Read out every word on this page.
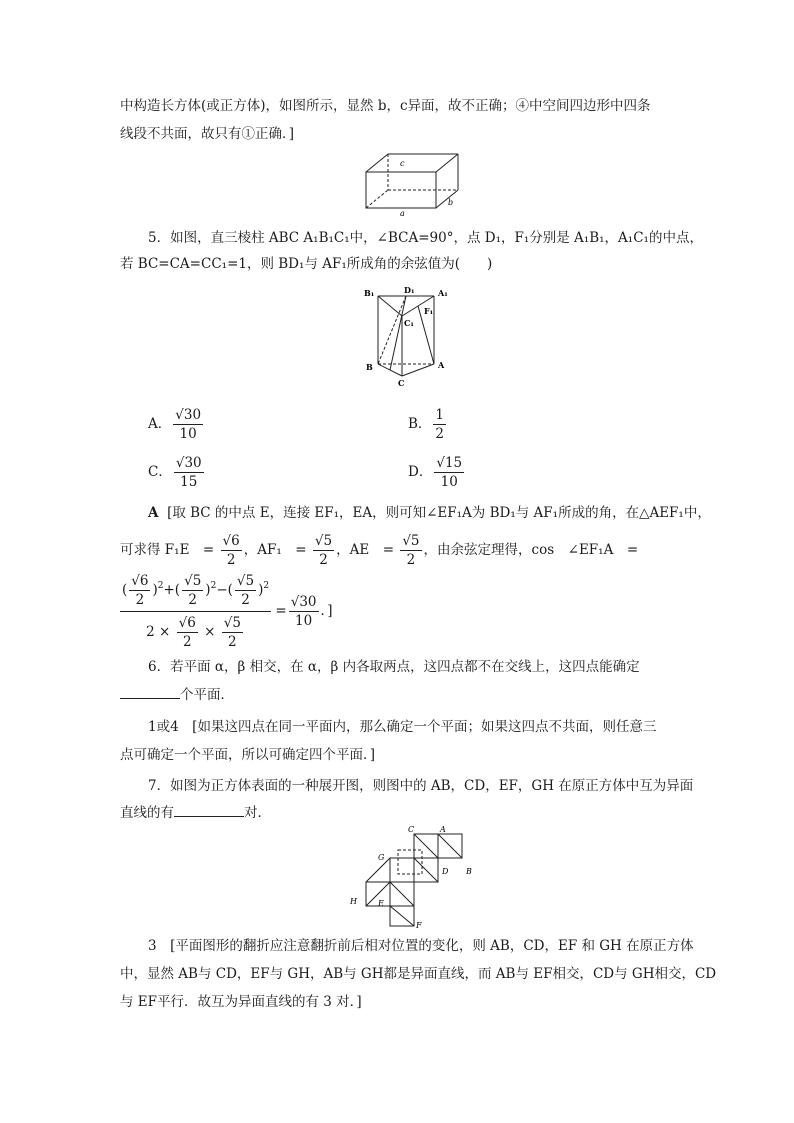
中构造长方体(或正方体)，如图所示，显然 b，c异面，故不正确；④中空间四边形中四条
线段不共面，故只有①正确．]
c
a
b
5．如图，直三棱柱 ABC A₁B₁C₁中，∠BCA=90°，点 D₁，F₁分别是 A₁B₁，A₁C₁的中点，
若 BC=CA=CC₁=1，则 BD₁与 AF₁所成角的余弦值为(　　)
B₁	D₁	A₁
C₁
F₁
B	A
C
A． $\frac{√30}{10}$	B． $\frac{1}{2}$
C． $\frac{√30}{15}$	D． $\frac{√15}{10}$
A [取 BC 的中点 E，连接 EF₁，EA，则可知∠EF₁A为 BD₁与 AF₁所成的角，在△AEF₁中，
可求得 F₁E　= $\frac{√6}{2}$ ，AF₁　= $\frac{√5}{2}$ ，AE　= $\frac{√5}{2}$ ，由余弦定理得，cos　∠EF₁A　=
$\frac{( \frac{√6}{2} )^2+( \frac{√5}{2} )^2-( \frac{√5}{2} )^2}{2 \times \frac{√6}{2} \times \frac{√5}{2}} = \frac{√30}{10}$ ．]
6．若平面 α，β 相交，在 α，β 内各取两点，这四点都不在交线上，这四点能确定
个平面．
1或4　[如果这四点在同一平面内，那么确定一个平面；如果这四点不共面，则任意三
点可确定一个平面，所以可确定四个平面．]
7．如图为正方体表面的一种展开图，则图中的 AB，CD，EF，GH 在原正方体中互为异面
直线的有	对．
C	A
G
D B
H	E
F
3　[平面图形的翻折应注意翻折前后相对位置的变化，则 AB，CD，EF 和 GH 在原正方体
中，显然 AB与 CD，EF与 GH，AB与 GH都是异面直线，而 AB与 EF相交，CD与 GH相交，CD
与 EF平行．故互为异面直线的有 3 对．]
